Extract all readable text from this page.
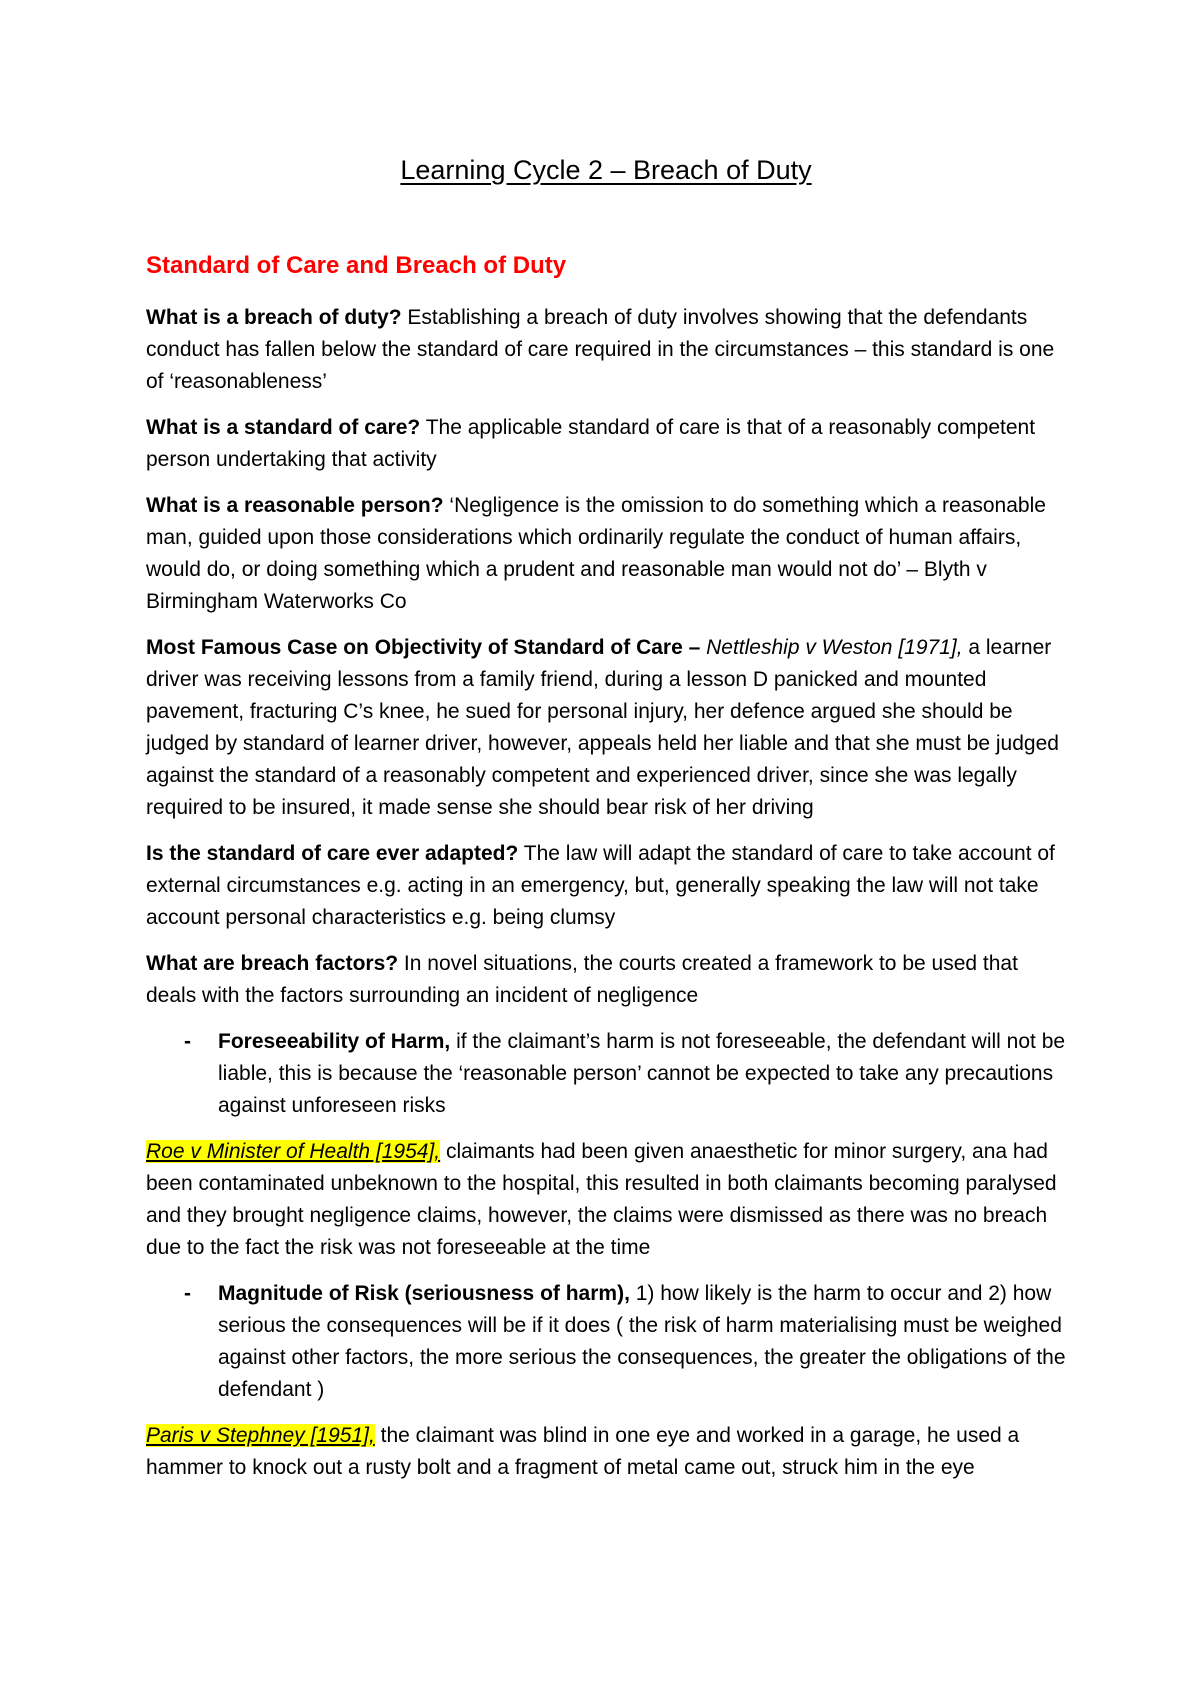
Learning Cycle 2 – Breach of Duty
Standard of Care and Breach of Duty

What is a breach of duty? Establishing a breach of duty involves showing that the defendants conduct has fallen below the standard of care required in the circumstances – this standard is one of ‘reasonableness’

What is a standard of care? The applicable standard of care is that of a reasonably competent person undertaking that activity

What is a reasonable person? ‘Negligence is the omission to do something which a reasonable man, guided upon those considerations which ordinarily regulate the conduct of human affairs, would do, or doing something which a prudent and reasonable man would not do’ – Blyth v Birmingham Waterworks Co

Most Famous Case on Objectivity of Standard of Care – Nettleship v Weston [1971], a learner driver was receiving lessons from a family friend, during a lesson D panicked and mounted pavement, fracturing C’s knee, he sued for personal injury, her defence argued she should be judged by standard of learner driver, however, appeals held her liable and that she must be judged against the standard of a reasonably competent and experienced driver, since she was legally required to be insured, it made sense she should bear risk of her driving

Is the standard of care ever adapted? The law will adapt the standard of care to take account of external circumstances e.g. acting in an emergency, but, generally speaking the law will not take account personal characteristics e.g. being clumsy

What are breach factors? In novel situations, the courts created a framework to be used that deals with the factors surrounding an incident of negligence

-	Foreseeability of Harm, if the claimant’s harm is not foreseeable, the defendant will not be liable, this is because the ‘reasonable person’ cannot be expected to take any precautions against unforeseen risks

Roe v Minister of Health [1954], claimants had been given anaesthetic for minor surgery, ana had been contaminated unbeknown to the hospital, this resulted in both claimants becoming paralysed and they brought negligence claims, however, the claims were dismissed as there was no breach due to the fact the risk was not foreseeable at the time

-	Magnitude of Risk (seriousness of harm), 1) how likely is the harm to occur and 2) how serious the consequences will be if it does ( the risk of harm materialising must be weighed against other factors, the more serious the consequences, the greater the obligations of the defendant )

Paris v Stephney [1951], the claimant was blind in one eye and worked in a garage, he used a hammer to knock out a rusty bolt and a fragment of metal came out, struck him in the eye
